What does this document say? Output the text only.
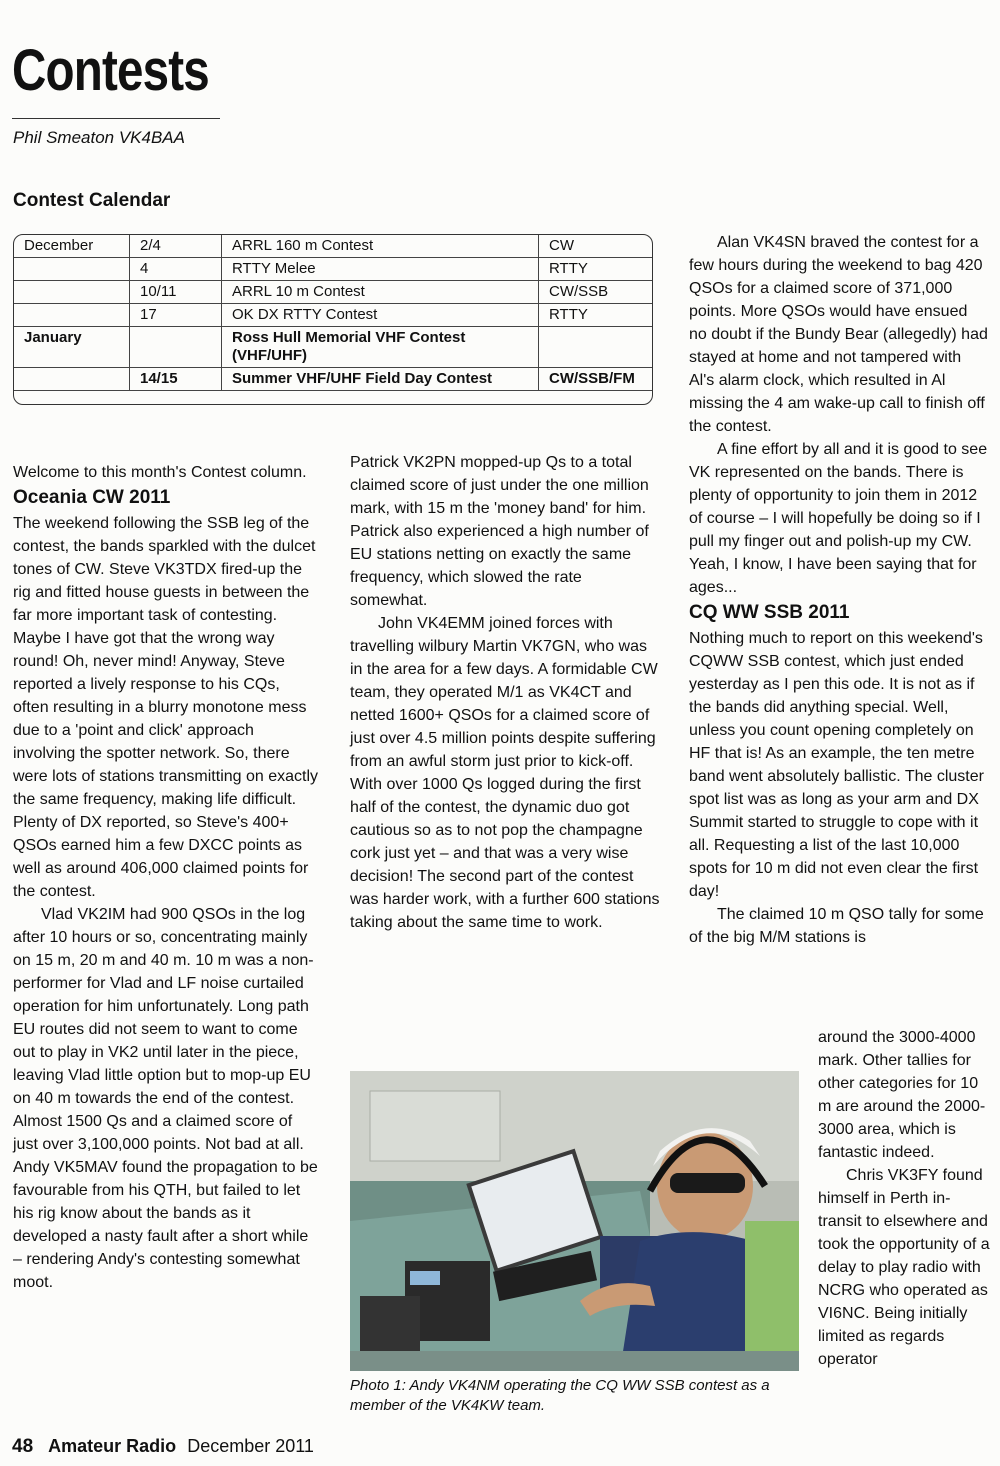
Contests
Phil Smeaton VK4BAA
Contest Calendar
December	2/4	ARRL 160 m Contest	CW
	4	RTTY Melee	RTTY
	10/11	ARRL 10 m Contest	CW/SSB
	17	OK DX RTTY Contest	RTTY
January		Ross Hull Memorial VHF Contest (VHF/UHF)	
	14/15	Summer VHF/UHF Field Day Contest	CW/SSB/FM

Welcome to this month's Contest column.

Oceania CW 2011

The weekend following the SSB leg of the contest, the bands sparkled with the dulcet tones of CW. Steve VK3TDX fired-up the rig and fitted house guests in between the far more important task of contesting. Maybe I have got that the wrong way round! Oh, never mind! Anyway, Steve reported a lively response to his CQs, often resulting in a blurry monotone mess due to a 'point and click' approach involving the spotter network. So, there were lots of stations transmitting on exactly the same frequency, making life difficult. Plenty of DX reported, so Steve's 400+ QSOs earned him a few DXCC points as well as around 406,000 claimed points for the contest.

Vlad VK2IM had 900 QSOs in the log after 10 hours or so, concentrating mainly on 15 m, 20 m and 40 m. 10 m was a non-performer for Vlad and LF noise curtailed operation for him unfortunately. Long path EU routes did not seem to want to come out to play in VK2 until later in the piece, leaving Vlad little option but to mop-up EU on 40 m towards the end of the contest. Almost 1500 Qs and a claimed score of just over 3,100,000 points. Not bad at all. Andy VK5MAV found the propagation to be favourable from his QTH, but failed to let his rig know about the bands as it developed a nasty fault after a short while – rendering Andy's contesting somewhat moot.

Patrick VK2PN mopped-up Qs to a total claimed score of just under the one million mark, with 15 m the 'money band' for him. Patrick also experienced a high number of EU stations netting on exactly the same frequency, which slowed the rate somewhat.

John VK4EMM joined forces with travelling wilbury Martin VK7GN, who was in the area for a few days. A formidable CW team, they operated M/1 as VK4CT and netted 1600+ QSOs for a claimed score of just over 4.5 million points despite suffering from an awful storm just prior to kick-off. With over 1000 Qs logged during the first half of the contest, the dynamic duo got cautious so as to not pop the champagne cork just yet – and that was a very wise decision! The second part of the contest was harder work, with a further 600 stations taking about the same time to work.

Alan VK4SN braved the contest for a few hours during the weekend to bag 420 QSOs for a claimed score of 371,000 points. More QSOs would have ensued no doubt if the Bundy Bear (allegedly) had stayed at home and not tampered with Al's alarm clock, which resulted in Al missing the 4 am wake-up call to finish off the contest.

A fine effort by all and it is good to see VK represented on the bands. There is plenty of opportunity to join them in 2012 of course – I will hopefully be doing so if I pull my finger out and polish-up my CW. Yeah, I know, I have been saying that for ages...

CQ WW SSB 2011

Nothing much to report on this weekend's CQWW SSB contest, which just ended yesterday as I pen this ode. It is not as if the bands did anything special. Well, unless you count opening completely on HF that is! As an example, the ten metre band went absolutely ballistic. The cluster spot list was as long as your arm and DX Summit started to struggle to cope with it all. Requesting a list of the last 10,000 spots for 10 m did not even clear the first day!

The claimed 10 m QSO tally for some of the big M/M stations is

around the 3000-4000 mark. Other tallies for other categories for 10 m are around the 2000-3000 area, which is fantastic indeed.

Chris VK3FY found himself in Perth in-transit to elsewhere and took the opportunity of a delay to play radio with NCRG who operated as VI6NC. Being initially limited as regards operator

Photo 1: Andy VK4NM operating the CQ WW SSB contest as a member of the VK4KW team.
48 Amateur Radio December 2011
